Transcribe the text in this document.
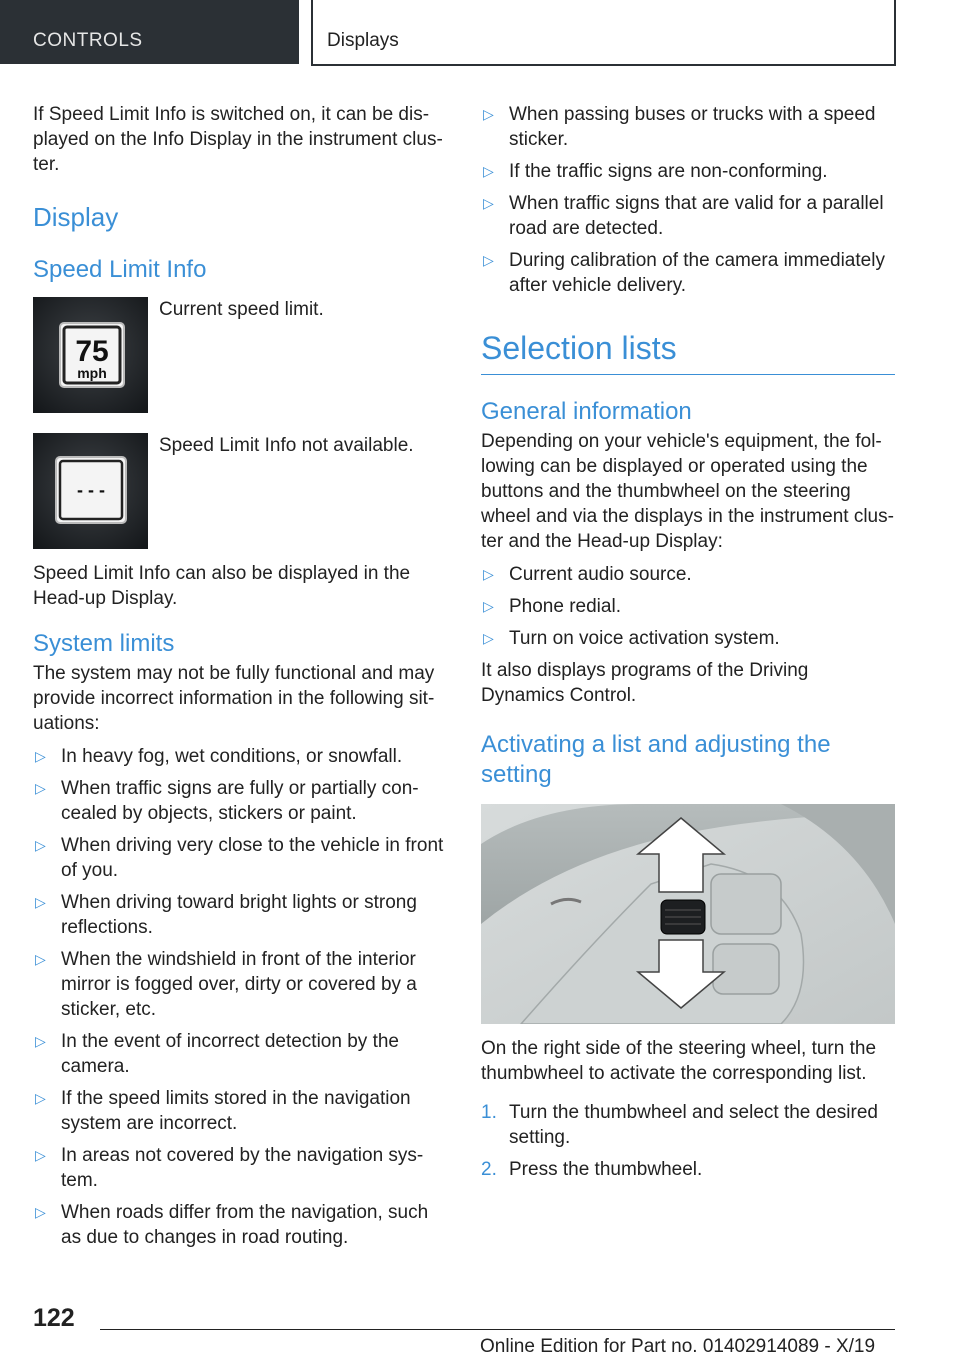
CONTROLS	Displays

If Speed Limit Info is switched on, it can be dis‐ played on the Info Display in the instrument clus‐ ter.

Display
Speed Limit Info
75
mph

Current speed limit.

- - -

Speed Limit Info not available.

Speed Limit Info can also be displayed in the Head-up Display.

System limits

The system may not be fully functional and may provide incorrect information in the following sit‐ uations:

▷ In heavy fog, wet conditions, or snowfall.
▷ When traffic signs are fully or partially con‐ cealed by objects, stickers or paint.
▷ When driving very close to the vehicle in front of you.
▷ When driving toward bright lights or strong reflections.
▷ When the windshield in front of the interior mirror is fogged over, dirty or covered by a sticker, etc.
▷ In the event of incorrect detection by the camera.
▷ If the speed limits stored in the navigation system are incorrect.
▷ In areas not covered by the navigation sys‐ tem.
▷ When roads differ from the navigation, such as due to changes in road routing.
▷ When passing buses or trucks with a speed sticker.
▷ If the traffic signs are non-conforming.
▷ When traffic signs that are valid for a parallel road are detected.
▷ During calibration of the camera immediately after vehicle delivery.
Selection lists
General information

Depending on your vehicle's equipment, the fol‐ lowing can be displayed or operated using the buttons and the thumbwheel on the steering wheel and via the displays in the instrument clus‐ ter and the Head-up Display:

▷ Current audio source.
▷ Phone redial.
▷ Turn on voice activation system.

It also displays programs of the Driving Dynamics Control.

Activating a list and adjusting the setting

On the right side of the steering wheel, turn the thumbwheel to activate the corresponding list.

1. Turn the thumbwheel and select the desired setting.
2. Press the thumbwheel.
122
Online Edition for Part no. 01402914089 - X/19
